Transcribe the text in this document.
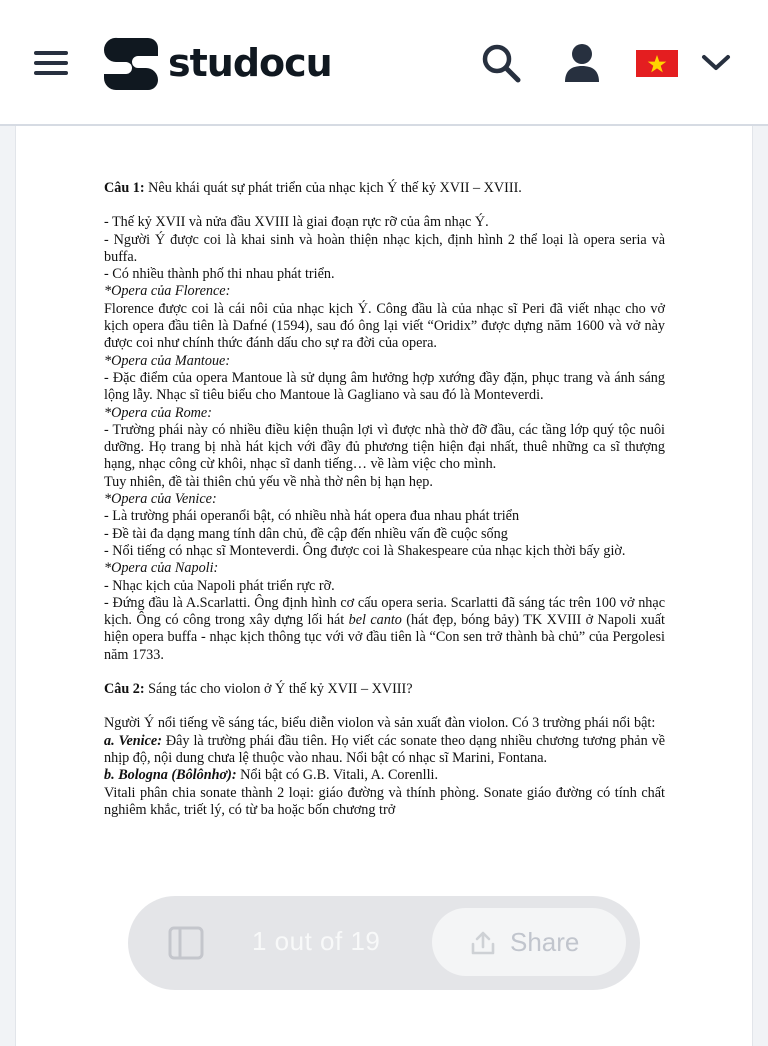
studocu

Câu 1: Nêu khái quát sự phát triển của nhạc kịch Ý thế kỷ XVII – XVIII.

- Thế kỷ XVII và nửa đầu XVIII là giai đoạn rực rỡ của âm nhạc Ý.

- Người Ý được coi là khai sinh và hoàn thiện nhạc kịch, định hình 2 thể loại là opera seria và buffa.

- Có nhiều thành phố thi nhau phát triển.

*Opera của Florence:

Florence được coi là cái nôi của nhạc kịch Ý. Công đầu là của nhạc sĩ Peri đã viết nhạc cho vở kịch opera đầu tiên là Dafné (1594), sau đó ông lại viết “Oridix” được dựng năm 1600 và vở này được coi như chính thức đánh dấu cho sự ra đời của opera.

*Opera của Mantoue:

- Đặc điểm của opera Mantoue là sử dụng âm hưởng hợp xướng đầy đặn, phục trang và ánh sáng lộng lẫy. Nhạc sĩ tiêu biểu cho Mantoue là Gagliano và sau đó là Monteverdi.

*Opera của Rome:

- Trường phái này có nhiều điều kiện thuận lợi vì được nhà thờ đỡ đầu, các tầng lớp quý tộc nuôi dưỡng. Họ trang bị nhà hát kịch với đầy đủ phương tiện hiện đại nhất, thuê những ca sĩ thượng hạng, nhạc công cừ khôi, nhạc sĩ danh tiếng… về làm việc cho mình.

Tuy nhiên, đề tài thiên chủ yếu về nhà thờ nên bị hạn hẹp.

*Opera của Venice:

- Là trường phái operanổi bật, có nhiều nhà hát opera đua nhau phát triển

- Đề tài đa dạng mang tính dân chủ, đề cập đến nhiều vấn đề cuộc sống

- Nổi tiếng có nhạc sĩ Monteverdi. Ông được coi là Shakespeare của nhạc kịch thời bấy giờ.

*Opera của Napoli:

- Nhạc kịch của Napoli phát triển rực rỡ.

- Đứng đầu là A.Scarlatti. Ông định hình cơ cấu opera seria. Scarlatti đã sáng tác trên 100 vở nhạc kịch. Ông có công trong xây dựng lối hát bel canto (hát đẹp, bóng bảy) TK XVIII ở Napoli xuất hiện opera buffa - nhạc kịch thông tục với vở đầu tiên là “Con sen trở thành bà chủ” của Pergolesi năm 1733.

Câu 2: Sáng tác cho violon ở Ý thế kỷ XVII – XVIII?

Người Ý nổi tiếng về sáng tác, biểu diễn violon và sản xuất đàn violon. Có 3 trường phái nổi bật:

a. Venice: Đây là trường phái đầu tiên. Họ viết các sonate theo dạng nhiều chương tương phản về nhịp độ, nội dung chưa lệ thuộc vào nhau. Nổi bật có nhạc sĩ Marini, Fontana.

b. Bologna (Bôlônhơ): Nổi bật có G.B. Vitali, A. Corenlli.

Vitali phân chia sonate thành 2 loại: giáo đường và thính phòng. Sonate giáo đường có tính chất nghiêm khắc, triết lý, có từ ba hoặc bốn chương trở

1 out of 19	Share
